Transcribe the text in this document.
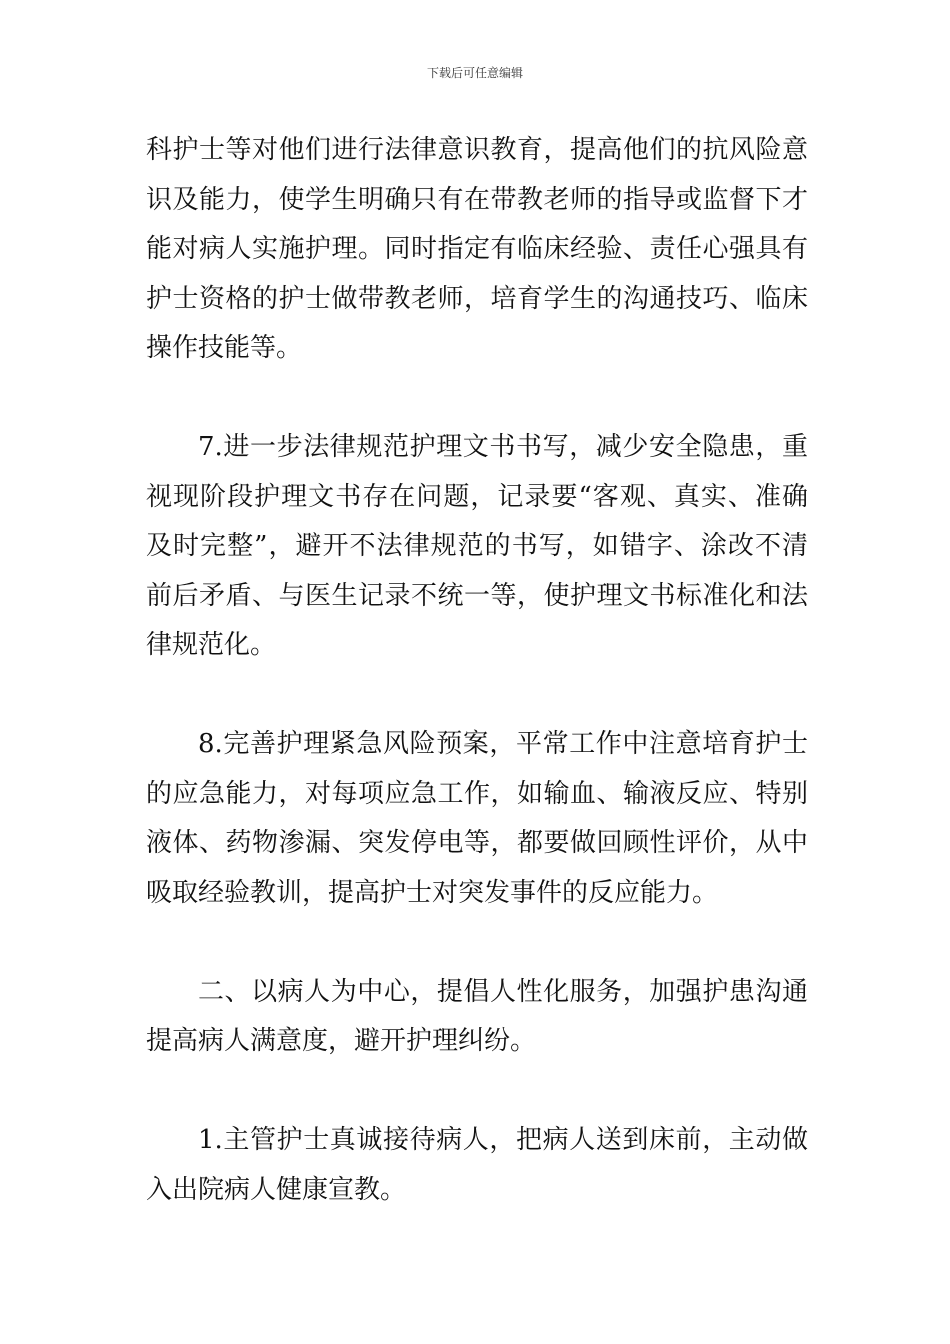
下载后可任意编辑

科护士等对他们进行法律意识教育，提高他们的抗风险意识及能力，使学生明确只有在带教老师的指导或监督下才能对病人实施护理。同时指定有临床经验、责任心强具有护士资格的护士做带教老师，培育学生的沟通技巧、临床操作技能等。

7.进一步法律规范护理文书书写，减少安全隐患，重视现阶段护理文书存在问题，记录要“客观、真实、准确及时完整”，避开不法律规范的书写，如错字、涂改不清前后矛盾、与医生记录不统一等，使护理文书标准化和法律规范化。

8.完善护理紧急风险预案，平常工作中注意培育护士的应急能力，对每项应急工作，如输血、输液反应、特别液体、药物渗漏、突发停电等，都要做回顾性评价，从中吸取经验教训，提高护士对突发事件的反应能力。

二、以病人为中心，提倡人性化服务，加强护患沟通提高病人满意度，避开护理纠纷。

1.主管护士真诚接待病人，把病人送到床前，主动做入出院病人健康宣教。
